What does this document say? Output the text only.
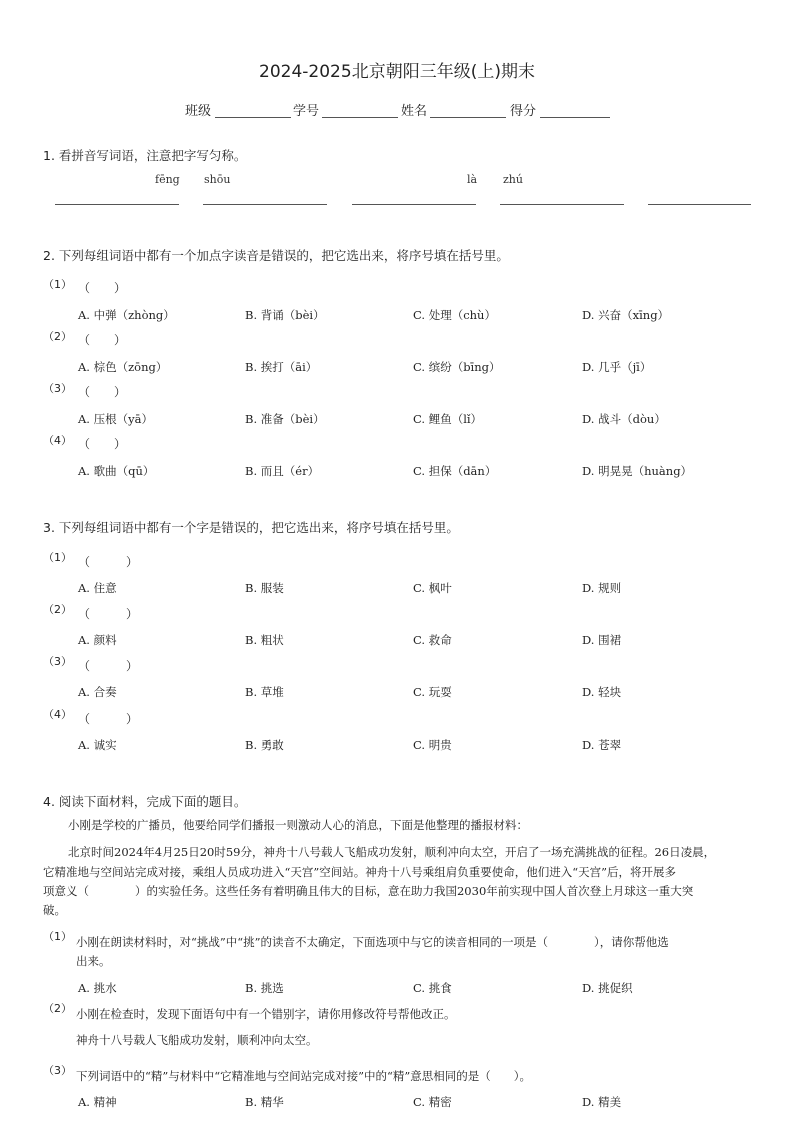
2024-2025北京朝阳三年级(上)期末
班级	学号	姓名	得分
1. 看拼音写词语，注意把字写匀称。
fēng shōu	là zhú
2. 下列每组词语中都有一个加点字读音是错误的，把它选出来，将序号填在括号里。
（1） （　　）
A. 中弹（zhòng）	B. 背诵（bèi）	C. 处理（chù）	D. 兴奋（xīng）
（2） （　　）
A. 棕色（zōng）	B. 挨打（āi）	C. 缤纷（bīng）	D. 几乎（jī）
（3） （　　）
A. 压根（yā）	B. 准备（bèi）	C. 鲤鱼（lǐ）	D. 战斗（dòu）
（4） （　　）
A. 歌曲（qū）	B. 而且（ér）	C. 担保（dān）	D. 明晃晃（huàng）
3. 下列每组词语中都有一个字是错误的，把它选出来，将序号填在括号里。
（1） （　　　）
A. 住意	B. 服装	C. 枫叶	D. 规则
（2） （　　　）
A. 颜料	B. 粗状	C. 救命	D. 围裙
（3） （　　　）
A. 合奏	B. 草堆	C. 玩耍	D. 轻块
（4） （　　　）
A. 诚实	B. 勇敢	C. 明贵	D. 苍翠
4. 阅读下面材料，完成下面的题目。
小刚是学校的广播员，他要给同学们播报一则激动人心的消息，下面是他整理的播报材料：
北京时间2024年4月25日20时59分，神舟十八号载人飞船成功发射，顺利冲向太空，开启了一场充满挑战的征程。26日凌晨，
它精准地与空间站完成对接，乘组人员成功进入“天宫”空间站。神舟十八号乘组肩负重要使命，他们进入“天宫”后，将开展多
项意义（　　　　）的实验任务。这些任务有着明确且伟大的目标，意在助力我国2030年前实现中国人首次登上月球这一重大突
破。
（1） 小刚在朗读材料时，对“挑战”中“挑”的读音不太确定，下面选项中与它的读音相同的一项是（　　　　），请你帮他选
出来。
A. 挑水	B. 挑选	C. 挑食	D. 挑促织
（2） 小刚在检查时，发现下面语句中有一个错别字，请你用修改符号帮他改正。
神舟十八号载人飞船成功发射，顺利冲向太空。
（3） 下列词语中的“精”与材料中“它精准地与空间站完成对接”中的“精”意思相同的是（　　）。
A. 精神	B. 精华	C. 精密	D. 精美
